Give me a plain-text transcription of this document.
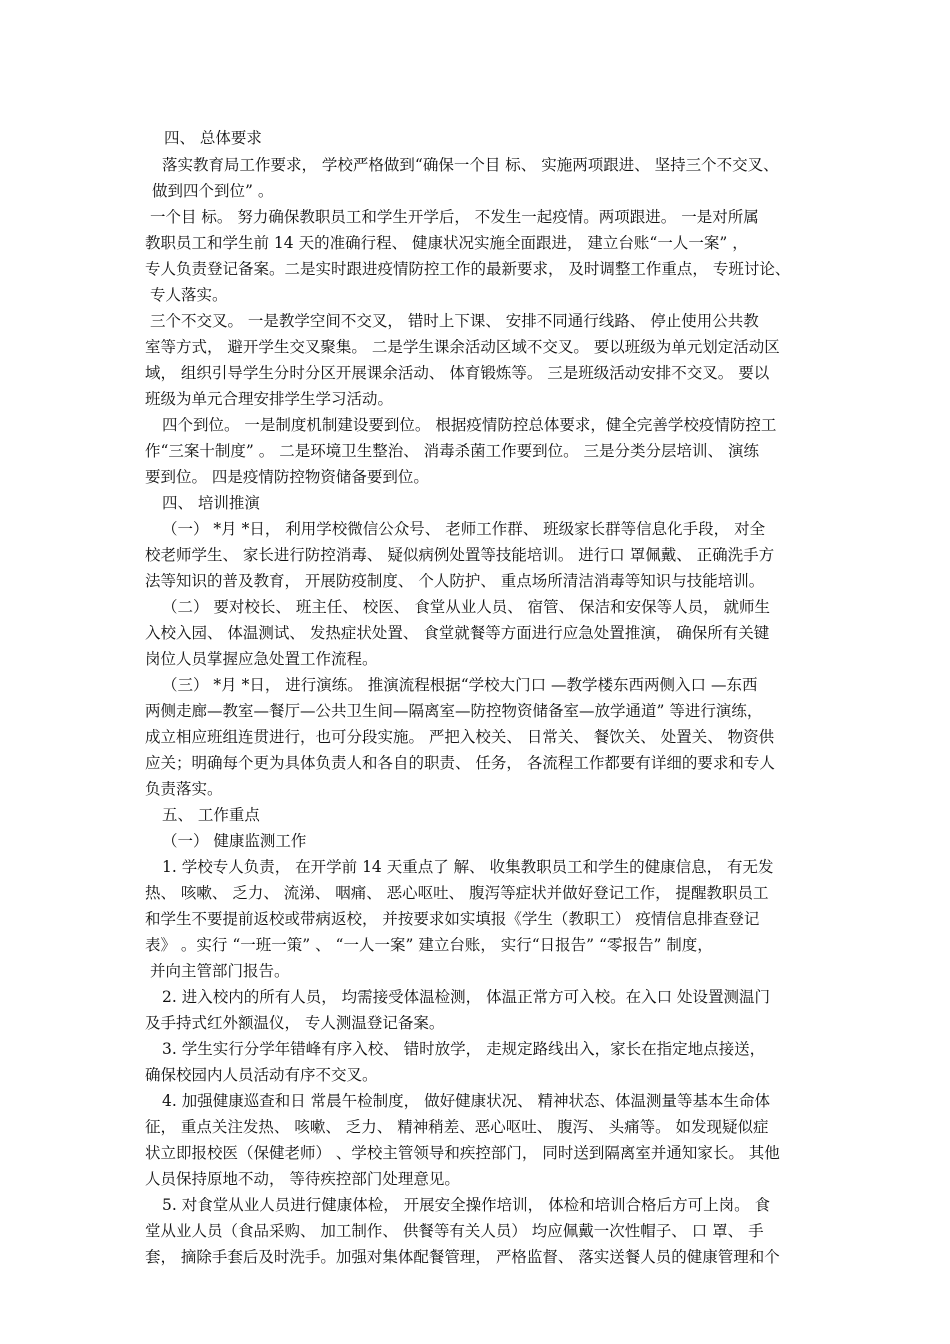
四、 总体要求

落实教育局工作要求， 学校严格做到“确保一个目 标、 实施两项跟进、 坚持三个不交叉、

做到四个到位” 。

一个目 标。 努力确保教职员工和学生开学后， 不发生一起疫情。两项跟进。 一是对所属

教职员工和学生前 14 天的准确行程、 健康状况实施全面跟进， 建立台账“一人一案” ，

专人负责登记备案。二是实时跟进疫情防控工作的最新要求， 及时调整工作重点， 专班讨论、

专人落实。

三个不交叉。 一是教学空间不交叉， 错时上下课、 安排不同通行线路、 停止使用公共教

室等方式， 避开学生交叉聚集。 二是学生课余活动区域不交叉。 要以班级为单元划定活动区

域， 组织引导学生分时分区开展课余活动、 体育锻炼等。 三是班级活动安排不交叉。 要以

班级为单元合理安排学生学习活动。

四个到位。 一是制度机制建设要到位。 根据疫情防控总体要求，健全完善学校疫情防控工

作“三案十制度” 。 二是环境卫生整治、 消毒杀菌工作要到位。 三是分类分层培训、 演练

要到位。 四是疫情防控物资储备要到位。

四、 培训推演

（一） *月 *日， 利用学校微信公众号、 老师工作群、 班级家长群等信息化手段， 对全

校老师学生、 家长进行防控消毒、 疑似病例处置等技能培训。 进行口 罩佩戴、 正确洗手方

法等知识的普及教育， 开展防疫制度、 个人防护、 重点场所清洁消毒等知识与技能培训。

（二） 要对校长、 班主任、 校医、 食堂从业人员、 宿管、 保洁和安保等人员， 就师生

入校入园、 体温测试、 发热症状处置、 食堂就餐等方面进行应急处置推演， 确保所有关键

岗位人员掌握应急处置工作流程。

（三） *月 *日， 进行演练。 推演流程根据“学校大门口 —教学楼东西两侧入口 —东西

两侧走廊—教室—餐厅—公共卫生间—隔离室—防控物资储备室—放学通道” 等进行演练，

成立相应班组连贯进行，也可分段实施。 严把入校关、 日常关、 餐饮关、 处置关、 物资供

应关；明确每个更为具体负责人和各自的职责、 任务， 各流程工作都要有详细的要求和专人

负责落实。

五、 工作重点

（一） 健康监测工作

1. 学校专人负责， 在开学前 14 天重点了 解、 收集教职员工和学生的健康信息， 有无发

热、 咳嗽、 乏力、 流涕、 咽痛、 恶心呕吐、 腹泻等症状并做好登记工作， 提醒教职员工

和学生不要提前返校或带病返校， 并按要求如实填报《学生（教职工） 疫情信息排查登记

表》 。实行 “一班一策” 、 “一人一案” 建立台账， 实行“日报告” “零报告” 制度，

并向主管部门报告。

2. 进入校内的所有人员， 均需接受体温检测， 体温正常方可入校。在入口 处设置测温门

及手持式红外额温仪， 专人测温登记备案。

3. 学生实行分学年错峰有序入校、 错时放学， 走规定路线出入，家长在指定地点接送，

确保校园内人员活动有序不交叉。

4. 加强健康巡查和日 常晨午检制度， 做好健康状况、 精神状态、体温测量等基本生命体

征， 重点关注发热、 咳嗽、 乏力、 精神稍差、恶心呕吐、 腹泻、 头痛等。 如发现疑似症

状立即报校医（保健老师） 、学校主管领导和疾控部门， 同时送到隔离室并通知家长。 其他

人员保持原地不动， 等待疾控部门处理意见。

5. 对食堂从业人员进行健康体检， 开展安全操作培训， 体检和培训合格后方可上岗。 食

堂从业人员（食品采购、 加工制作、 供餐等有关人员） 均应佩戴一次性帽子、 口 罩、 手

套， 摘除手套后及时洗手。加强对集体配餐管理， 严格监督、 落实送餐人员的健康管理和个
